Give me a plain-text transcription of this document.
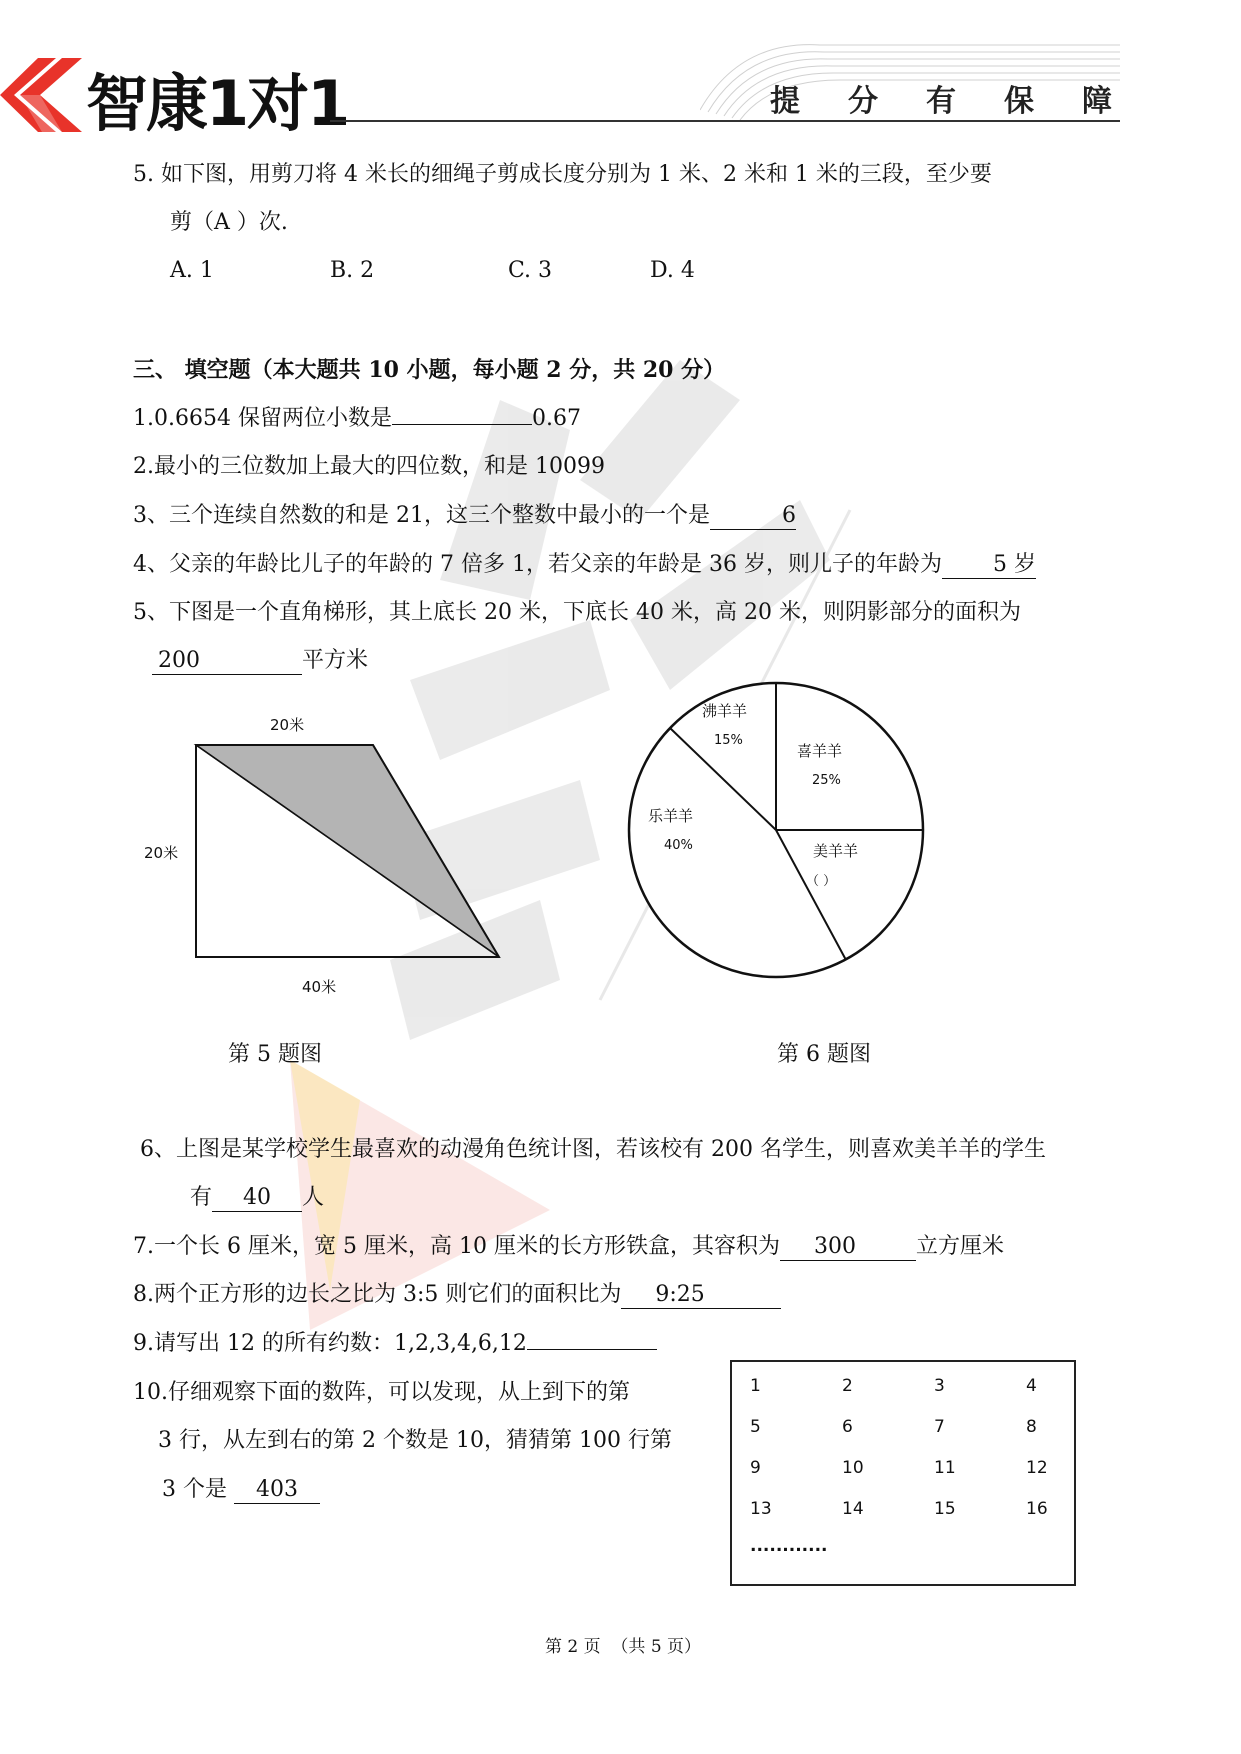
智康1对1	提 分 有 保 障
5. 如下图，用剪刀将 4 米长的细绳子剪成长度分别为 1 米、2 米和 1 米的三段，至少要
剪（A ）次.
A. 1	B. 2	C. 3	D. 4
三、 填空题（本大题共 10 小题，每小题 2 分，共 20 分）
1.0.6654 保留两位小数是	0.67
2.最小的三位数加上最大的四位数，和是 10099
3、三个连续自然数的和是 21，这三个整数中最小的一个是	6
4、父亲的年龄比儿子的年龄的 7 倍多 1，若父亲的年龄是 36 岁，则儿子的年龄为 5 岁
5、下图是一个直角梯形，其上底长 20 米，下底长 40 米，高 20 米，则阴影部分的面积为
200	平方米
20米
20米
40米
第 5 题图
沸羊羊
15%
喜羊羊
25%
美羊羊
（ ）
乐羊羊
40%
第 6 题图
6、上图是某学校学生最喜欢的动漫角色统计图，若该校有 200 名学生，则喜欢美羊羊的学生
有 40 人
7.一个长 6 厘米，宽 5 厘米，高 10 厘米的长方形铁盒，其容积为 300	立方厘米
8.两个正方形的边长之比为 3:5 则它们的面积比为 9:25
9.请写出 12 的所有约数：1,2,3,4,6,12
10.仔细观察下面的数阵，可以发现，从上到下的第
3 行，从左到右的第 2 个数是 10，猜猜第 100 行第
3 个是 403
1	2	3	4
5	6	7	8
9	10	11	12
13	14	15	16
............
第 2 页  （共 5 页）
